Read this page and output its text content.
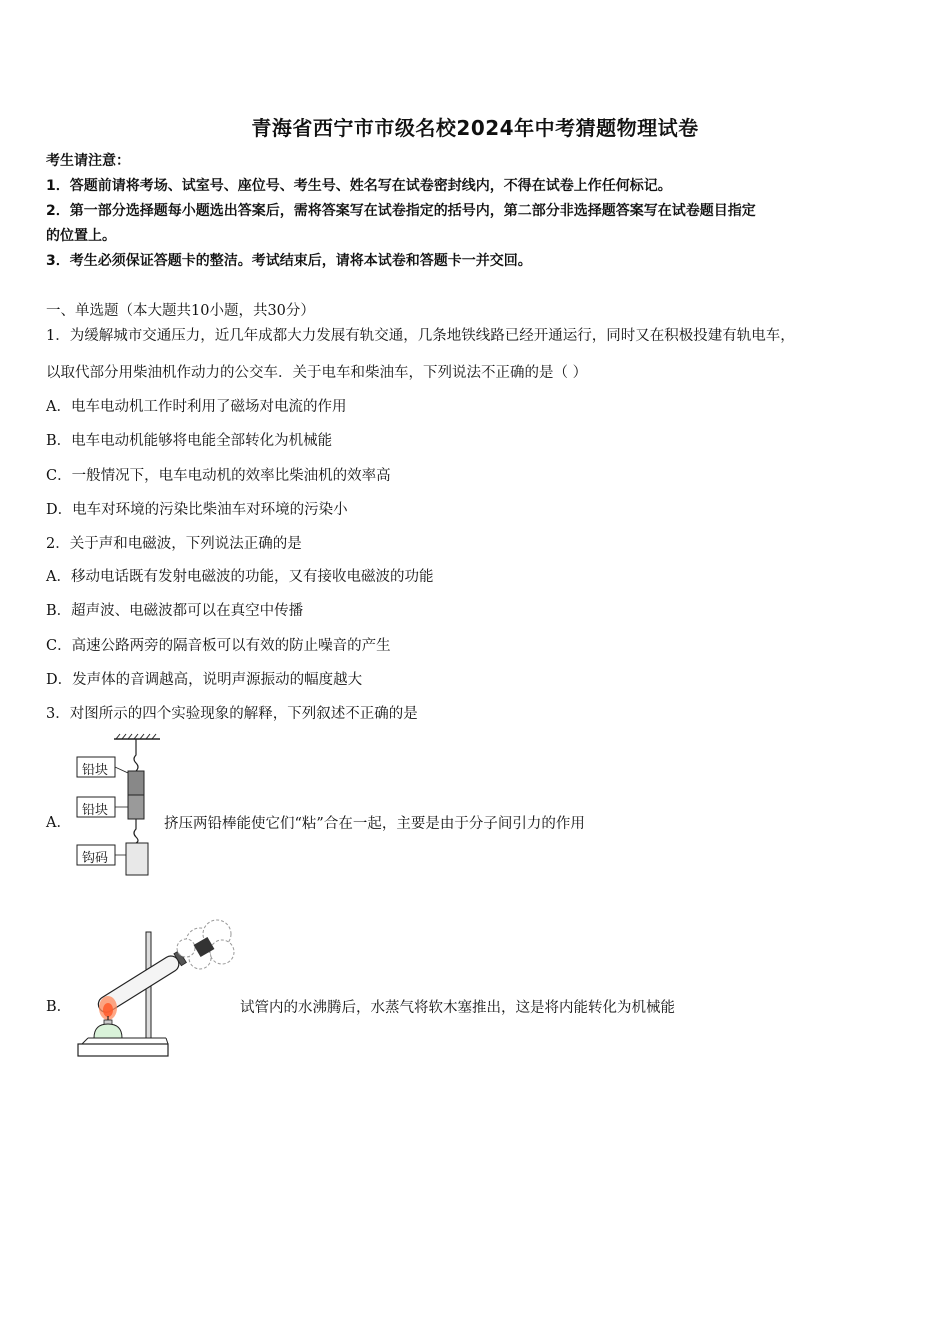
青海省西宁市市级名校2024年中考猜题物理试卷
考生请注意：
1．答题前请将考场、试室号、座位号、考生号、姓名写在试卷密封线内，不得在试卷上作任何标记。
2．第一部分选择题每小题选出答案后，需将答案写在试卷指定的括号内，第二部分非选择题答案写在试卷题目指定
的位置上。
3．考生必须保证答题卡的整洁。考试结束后，请将本试卷和答题卡一并交回。
一、单选题（本大题共10小题，共30分）
1．为缓解城市交通压力，近几年成都大力发展有轨交通，几条地铁线路已经开通运行，同时又在积极投建有轨电车，
以取代部分用柴油机作动力的公交车．关于电车和柴油车，下列说法不正确的是（ ）
A．电车电动机工作时利用了磁场对电流的作用
B．电车电动机能够将电能全部转化为机械能
C．一般情况下，电车电动机的效率比柴油机的效率高
D．电车对环境的污染比柴油车对环境的污染小
2．关于声和电磁波，下列说法正确的是
A．移动电话既有发射电磁波的功能，又有接收电磁波的功能
B．超声波、电磁波都可以在真空中传播
C．高速公路两旁的隔音板可以有效的防止噪音的产生
D．发声体的音调越高，说明声源振动的幅度越大
3．对图所示的四个实验现象的解释，下列叙述不正确的是
A．
铅块
铅块
钩码
挤压两铅棒能使它们“粘”合在一起，主要是由于分子间引力的作用
B．	试管内的水沸腾后，水蒸气将软木塞推出，这是将内能转化为机械能
